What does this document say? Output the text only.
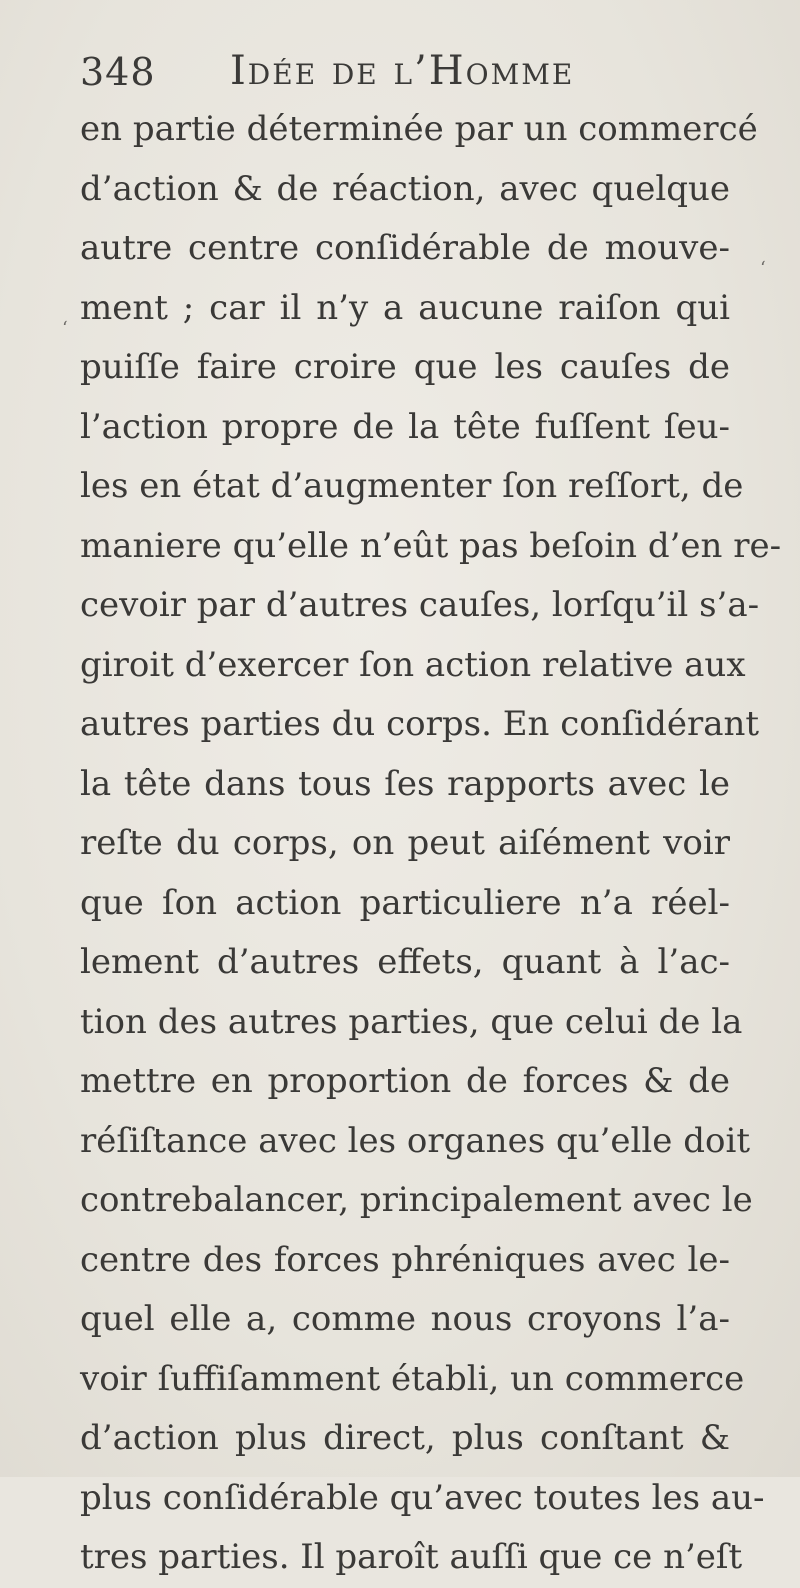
348 Idée de l’Homme
en partie déterminée par un commercé
d’action & de réaction, avec quelque
autre centre conſidérable de mouve-
ment ; car il n’y a aucune raiſon qui
puiſſe faire croire que les cauſes de
l’action propre de la tête fuſſent ſeu-
les en état d’augmenter ſon reſſort, de
maniere qu’elle n’eût pas beſoin d’en re-
cevoir par d’autres cauſes, lorſqu’il s’a-
giroit d’exercer ſon action relative aux
autres parties du corps. En conſidérant
la tête dans tous ſes rapports avec le
reſte du corps, on peut aiſément voir
que ſon action particuliere n’a réel-
lement d’autres effets, quant à l’ac-
tion des autres parties, que celui de la
mettre en proportion de forces & de
réſiſtance avec les organes qu’elle doit
contrebalancer, principalement avec le
centre des forces phréniques avec le-
quel elle a, comme nous croyons l’a-
voir ſuffiſamment établi, un commerce
d’action plus direct, plus conſtant &
plus conſidérable qu’avec toutes les au-
tres parties. Il paroît auſſi que ce n’eſt
‘
‘
